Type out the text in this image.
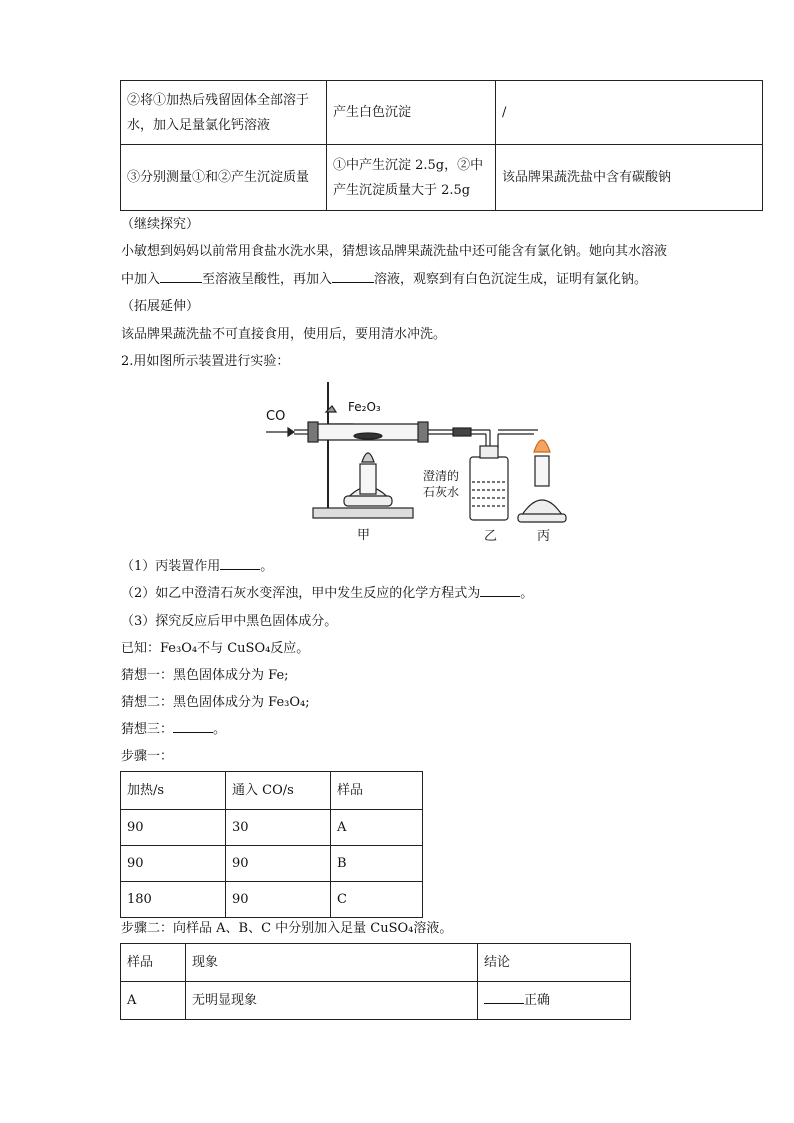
②将①加热后残留固体全部溶于水，加入足量氯化钙溶液	产生白色沉淀	/
③分别测量①和②产生沉淀质量	①中产生沉淀 2.5g，②中产生沉淀质量大于 2.5g	该品牌果蔬洗盐中含有碳酸钠
（继续探究）
小敏想到妈妈以前常用食盐水洗水果，猜想该品牌果蔬洗盐中还可能含有氯化钠。她向其水溶液
中加入	至溶液呈酸性，再加入	溶液，观察到有白色沉淀生成，证明有氯化钠。
（拓展延伸）
该品牌果蔬洗盐不可直接食用，使用后，要用清水冲洗。
2.用如图所示装置进行实验：
CO
Fe₂O₃
澄清的
石灰水
甲	乙	丙
（1）丙装置作用	。
（2）如乙中澄清石灰水变浑浊，甲中发生反应的化学方程式为	。
（3）探究反应后甲中黑色固体成分。
已知：Fe₃O₄不与 CuSO₄反应。
猜想一：黑色固体成分为 Fe;
猜想二：黑色固体成分为 Fe₃O₄;
猜想三：	。
步骤一：
加热/s	通入 CO/s	样品
90	30	A
90	90	B
180	90	C
步骤二：向样品 A、B、C 中分别加入足量 CuSO₄溶液。
样品	现象	结论
A	无明显现象	正确
